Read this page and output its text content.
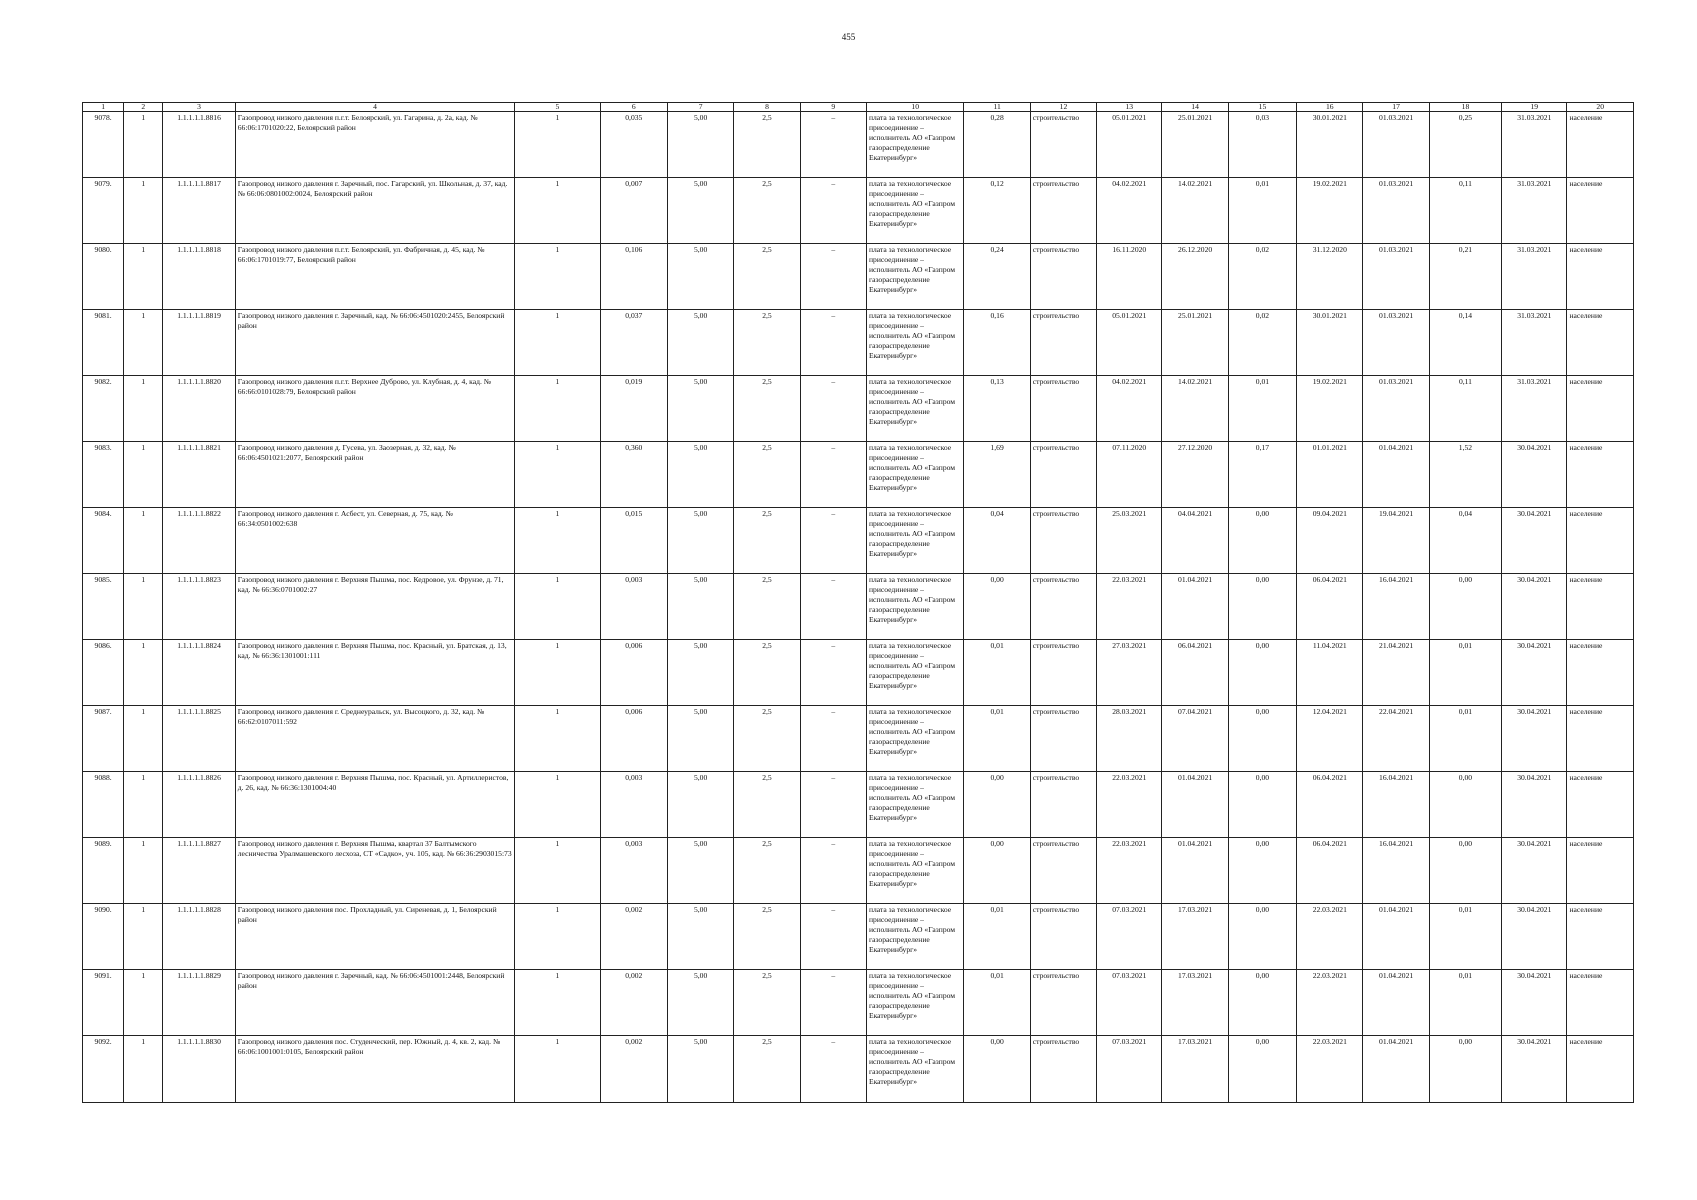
455
1	2	3	4	5	6	7	8	9	10	11	12	13	14	15	16	17	18	19	20
9078.	1	1.1.1.1.1.8816	Газопровод низкого давления п.г.т. Белоярский, ул. Гагарина, д. 2а, кад. № 66:06:1701020:22, Белоярский район	1	0,035	5,00	2,5	–	плата за технологическое присоединение – исполнитель АО «Газпром газораспределение Екатеринбург»	0,28	строительство	05.01.2021	25.01.2021	0,03	30.01.2021	01.03.2021	0,25	31.03.2021	население
9079.	1	1.1.1.1.1.8817	Газопровод низкого давления г. Заречный, пос. Гагарский, ул. Школьная, д. 37, кад. № 66:06:0801002:0024, Белоярский район	1	0,007	5,00	2,5	–	плата за технологическое присоединение – исполнитель АО «Газпром газораспределение Екатеринбург»	0,12	строительство	04.02.2021	14.02.2021	0,01	19.02.2021	01.03.2021	0,11	31.03.2021	население
9080.	1	1.1.1.1.1.8818	Газопровод низкого давления п.г.т. Белоярский, ул. Фабричная, д. 45, кад. № 66:06:1701019:77, Белоярский район	1	0,106	5,00	2,5	–	плата за технологическое присоединение – исполнитель АО «Газпром газораспределение Екатеринбург»	0,24	строительство	16.11.2020	26.12.2020	0,02	31.12.2020	01.03.2021	0,21	31.03.2021	население
9081.	1	1.1.1.1.1.8819	Газопровод низкого давления г. Заречный, кад. № 66:06:4501020:2455, Белоярский район	1	0,037	5,00	2,5	–	плата за технологическое присоединение – исполнитель АО «Газпром газораспределение Екатеринбург»	0,16	строительство	05.01.2021	25.01.2021	0,02	30.01.2021	01.03.2021	0,14	31.03.2021	население
9082.	1	1.1.1.1.1.8820	Газопровод низкого давления п.г.т. Верхнее Дуброво, ул. Клубная, д. 4, кад. № 66:66:0101028:79, Белоярский район	1	0,019	5,00	2,5	–	плата за технологическое присоединение – исполнитель АО «Газпром газораспределение Екатеринбург»	0,13	строительство	04.02.2021	14.02.2021	0,01	19.02.2021	01.03.2021	0,11	31.03.2021	население
9083.	1	1.1.1.1.1.8821	Газопровод низкого давления д. Гусева, ул. Заозерная, д. 32, кад. № 66:06:4501021:2077, Белоярский район	1	0,360	5,00	2,5	–	плата за технологическое присоединение – исполнитель АО «Газпром газораспределение Екатеринбург»	1,69	строительство	07.11.2020	27.12.2020	0,17	01.01.2021	01.04.2021	1,52	30.04.2021	население
9084.	1	1.1.1.1.1.8822	Газопровод низкого давления г. Асбест, ул. Северная, д. 75, кад. № 66:34:0501002:638	1	0,015	5,00	2,5	–	плата за технологическое присоединение – исполнитель АО «Газпром газораспределение Екатеринбург»	0,04	строительство	25.03.2021	04.04.2021	0,00	09.04.2021	19.04.2021	0,04	30.04.2021	население
9085.	1	1.1.1.1.1.8823	Газопровод низкого давления г. Верхняя Пышма, пос. Кедровое, ул. Фрунзе, д. 71, кад. № 66:36:0701002:27	1	0,003	5,00	2,5	–	плата за технологическое присоединение – исполнитель АО «Газпром газораспределение Екатеринбург»	0,00	строительство	22.03.2021	01.04.2021	0,00	06.04.2021	16.04.2021	0,00	30.04.2021	население
9086.	1	1.1.1.1.1.8824	Газопровод низкого давления г. Верхняя Пышма, пос. Красный, ул. Братская, д. 13, кад. № 66:36:1301001:111	1	0,006	5,00	2,5	–	плата за технологическое присоединение – исполнитель АО «Газпром газораспределение Екатеринбург»	0,01	строительство	27.03.2021	06.04.2021	0,00	11.04.2021	21.04.2021	0,01	30.04.2021	население
9087.	1	1.1.1.1.1.8825	Газопровод низкого давления г. Среднеуральск, ул. Высоцкого, д. 32, кад. № 66:62:0107011:592	1	0,006	5,00	2,5	–	плата за технологическое присоединение – исполнитель АО «Газпром газораспределение Екатеринбург»	0,01	строительство	28.03.2021	07.04.2021	0,00	12.04.2021	22.04.2021	0,01	30.04.2021	население
9088.	1	1.1.1.1.1.8826	Газопровод низкого давления г. Верхняя Пышма, пос. Красный, ул. Артиллеристов, д. 26, кад. № 66:36:1301004:40	1	0,003	5,00	2,5	–	плата за технологическое присоединение – исполнитель АО «Газпром газораспределение Екатеринбург»	0,00	строительство	22.03.2021	01.04.2021	0,00	06.04.2021	16.04.2021	0,00	30.04.2021	население
9089.	1	1.1.1.1.1.8827	Газопровод низкого давления г. Верхняя Пышма, квартал 37 Балтымского лесничества Уралмашевского лесхоза, СТ «Садко», уч. 105, кад. № 66:36:2903015:73	1	0,003	5,00	2,5	–	плата за технологическое присоединение – исполнитель АО «Газпром газораспределение Екатеринбург»	0,00	строительство	22.03.2021	01.04.2021	0,00	06.04.2021	16.04.2021	0,00	30.04.2021	население
9090.	1	1.1.1.1.1.8828	Газопровод низкого давления пос. Прохладный, ул. Сиреневая, д. 1, Белоярский район	1	0,002	5,00	2,5	–	плата за технологическое присоединение – исполнитель АО «Газпром газораспределение Екатеринбург»	0,01	строительство	07.03.2021	17.03.2021	0,00	22.03.2021	01.04.2021	0,01	30.04.2021	население
9091.	1	1.1.1.1.1.8829	Газопровод низкого давления г. Заречный, кад. № 66:06:4501001:2448, Белоярский район	1	0,002	5,00	2,5	–	плата за технологическое присоединение – исполнитель АО «Газпром газораспределение Екатеринбург»	0,01	строительство	07.03.2021	17.03.2021	0,00	22.03.2021	01.04.2021	0,01	30.04.2021	население
9092.	1	1.1.1.1.1.8830	Газопровод низкого давления пос. Студенческий, пер. Южный, д. 4, кв. 2, кад. № 66:06:1001001:0105, Белоярский район	1	0,002	5,00	2,5	–	плата за технологическое присоединение – исполнитель АО «Газпром газораспределение Екатеринбург»	0,00	строительство	07.03.2021	17.03.2021	0,00	22.03.2021	01.04.2021	0,00	30.04.2021	население
